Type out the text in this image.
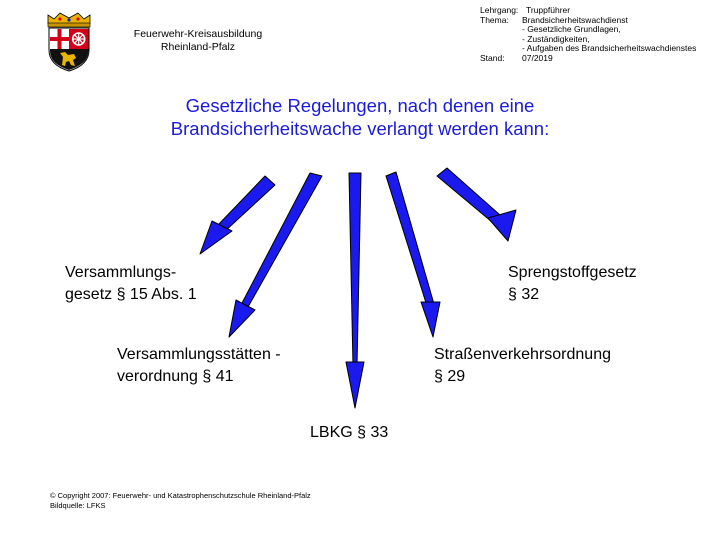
Feuerwehr-Kreisausbildung
Rheinland-Pfalz
Lehrgang: Truppführer
Thema: Brandsicherheitswachdienst
- Gesetzliche Grundlagen,
- Zuständigkeiten,
- Aufgaben des Brandsicherheitswachdienstes
Stand: 07/2019
Gesetzliche Regelungen, nach denen eine
Brandsicherheitswache verlangt werden kann:
Versammlungs-
gesetz § 15 Abs. 1
Sprengstoffgesetz
§ 32
Versammlungsstätten -
verordnung § 41
Straßenverkehrsordnung
§ 29
LBKG § 33
© Copyright 2007: Feuerwehr- und Katastrophenschutzschule Rheinland-Pfalz
Bildquelle: LFKS
